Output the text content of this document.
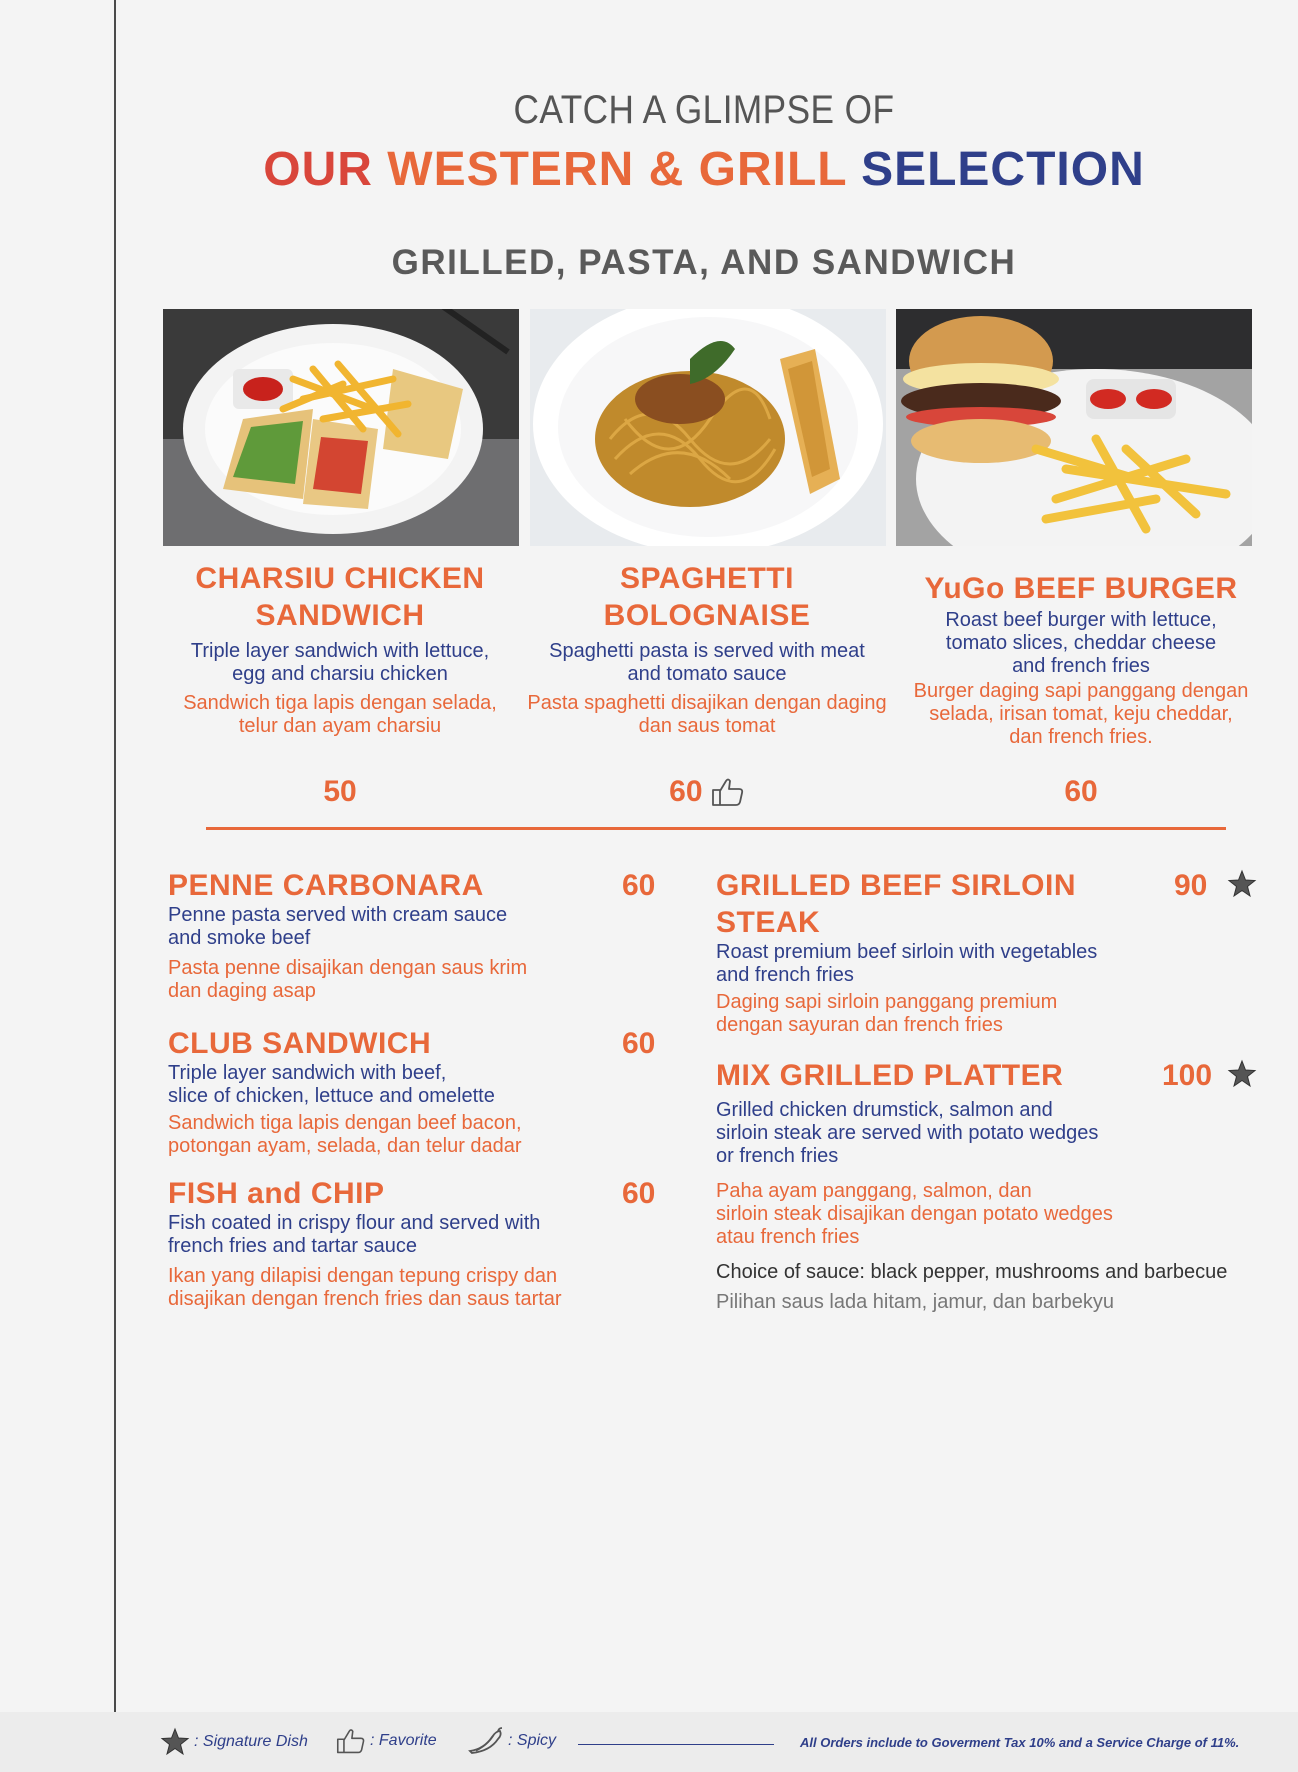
CATCH A GLIMPSE OF
OUR WESTERN & GRILL SELECTION
GRILLED, PASTA, AND SANDWICH
CHARSIU CHICKEN
SANDWICH
Triple layer sandwich with lettuce,
egg and charsiu chicken
Sandwich tiga lapis dengan selada,
telur dan ayam charsiu
SPAGHETTI
BOLOGNAISE
Spaghetti pasta is served with meat
and tomato sauce
Pasta spaghetti disajikan dengan daging
dan saus tomat
YuGo BEEF BURGER
Roast beef burger with lettuce,
tomato slices, cheddar cheese
and french fries
Burger daging sapi panggang dengan
selada, irisan tomat, keju cheddar,
dan french fries.
50	60	60
PENNE CARBONARA	60
Penne pasta served with cream sauce
and smoke beef
Pasta penne disajikan dengan saus krim
dan daging asap
CLUB SANDWICH	60
Triple layer sandwich with beef,
slice of chicken, lettuce and omelette
Sandwich tiga lapis dengan beef bacon,
potongan ayam, selada, dan telur dadar
FISH and CHIP	60
Fish coated in crispy flour and served with
french fries and tartar sauce
Ikan yang dilapisi dengan tepung crispy dan
disajikan dengan french fries dan saus tartar
GRILLED BEEF SIRLOIN
STEAK
90
Roast premium beef sirloin with vegetables
and french fries
Daging sapi sirloin panggang premium
dengan sayuran dan french fries
MIX GRILLED PLATTER	100
Grilled chicken drumstick, salmon and
sirloin steak are served with potato wedges
or french fries
Paha ayam panggang, salmon, dan
sirloin steak disajikan dengan potato wedges
atau french fries
Choice of sauce: black pepper, mushrooms and barbecue
Pilihan saus lada hitam, jamur, dan barbekyu
: Signature Dish	: Favorite	: Spicy	All Orders include to Goverment Tax 10% and a Service Charge of 11%.
